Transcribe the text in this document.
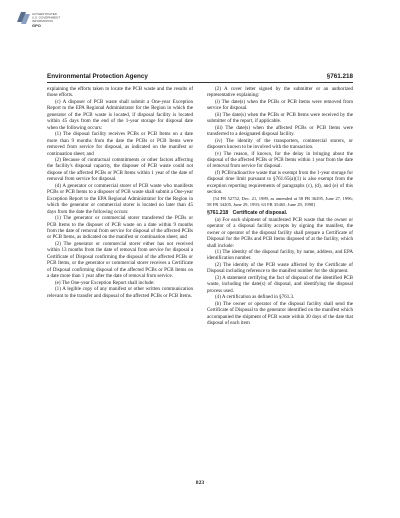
AUTHENTICATED
U.S. GOVERNMENT
INFORMATION
GPO
Environmental Protection Agency	§761.218

explaining the efforts taken to locate the PCB waste and the results of those efforts.

(c) A disposer of PCB waste shall submit a One-year Exception Report to the EPA Regional Administrator for the Region in which the generator of the PCB waste is located, if disposal facility is located within 45 days from the end of the 1-year storage for disposal date when the following occurs:

(1) The disposal facility receives PCBs or PCB Items on a date more than 9 months from the date the PCBs or PCB Items were removed from service for disposal, as indicated on the manifest or continuation sheet; and

(2) Because of contractual commitments or other factors affecting the facility's disposal capacity, the disposer of PCB waste could not dispose of the affected PCBs or PCB Items within 1 year of the date of removal from service for disposal.

(d) A generator or commercial storer of PCB waste who manifests PCBs or PCB Items to a disposer of PCB waste shall submit a One-year Exception Report to the EPA Regional Administrator for the Region in which the generator or commercial storer is located no later than 45 days from the date the following occurs:

(1) The generator or commercial storer transferred the PCBs or PCB Items to the disposer of PCB waste on a date within 9 months from the date of removal from service for disposal of the affected PCBs or PCB Items, as indicated on the manifest or continuation sheet; and

(2) The generator or commercial storer either has not received within 13 months from the date of removal from service for disposal a Certificate of Disposal confirming the disposal of the affected PCBs or PCB Items, or the generator or commercial storer receives a Certificate of Disposal confirming disposal of the affected PCBs or PCB Items on a date more than 1 year after the date of removal from service.

(e) The One-year Exception Report shall include:

(1) A legible copy of any manifest or other written communication relevant to the transfer and disposal of the affected PCBs or PCB Items.

(2) A cover letter signed by the submitter or an authorized representative explaining:

(i) The date(s) when the PCBs or PCB Items were removed from service for disposal.

(ii) The date(s) when the PCBs or PCB Items were received by the submitter of the report, if applicable.

(iii) The date(s) when the affected PCBs or PCB Items were transferred to a designated disposal facility.

(iv) The identity of the transporters, commercial storers, or disposers known to be involved with the transaction.

(v) The reason, if known, for the delay in bringing about the disposal of the affected PCBs or PCB Items within 1 year from the date of removal from service for disposal.

(f) PCB/radioactive waste that is exempt from the 1-year storage for disposal time limit pursuant to §761.65(a)(1) is also exempt from the exception reporting requirements of paragraphs (c), (d), and (e) of this section.

[54 FR 52752, Dec. 21, 1989, as amended at 58 FR 36295, June 27, 1996; 58 FR 34205, June 29, 1993; 63 FR 35465, June 29, 1998]

§761.218 Certificate of disposal.

(a) For each shipment of manifested PCB waste that the owner or operator of a disposal facility accepts by signing the manifest, the owner or operator of the disposal facility shall prepare a Certificate of Disposal for the PCBs and PCB Items disposed of at the facility, which shall include:

(1) The identity of the disposal facility, by name, address, and EPA identification number.

(2) The identity of the PCB waste affected by the Certificate of Disposal including reference to the manifest number for the shipment.

(3) A statement certifying the fact of disposal of the identified PCB waste, including the date(s) of disposal, and identifying the disposal process used.

(4) A certification as defined in §761.3.

(b) The owner or operator of the disposal facility shall send the Certificate of Disposal to the generator identified on the manifest which accompanied the shipment of PCB waste within 30 days of the date that disposal of each item

823
